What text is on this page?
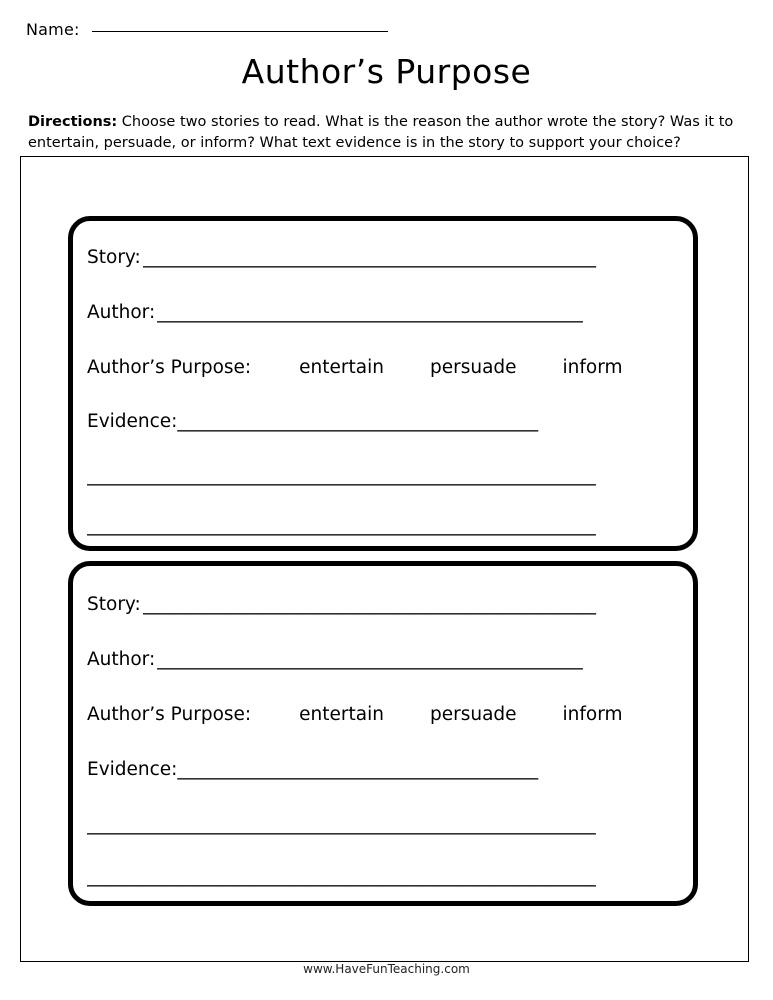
Name:
Author’s Purpose
Directions: Choose two stories to read. What is the reason the author wrote the story? Was it to entertain, persuade, or inform? What text evidence is in the story to support your choice?
Story: _________________________________________________
Author: ______________________________________________
Author’s Purpose:	entertain persuade inform
Evidence: _______________________________________
_______________________________________________________
_______________________________________________________
Story: _________________________________________________
Author: ______________________________________________
Author’s Purpose:	entertain persuade inform
Evidence: _______________________________________
_______________________________________________________
_______________________________________________________
www.HaveFunTeaching.com
